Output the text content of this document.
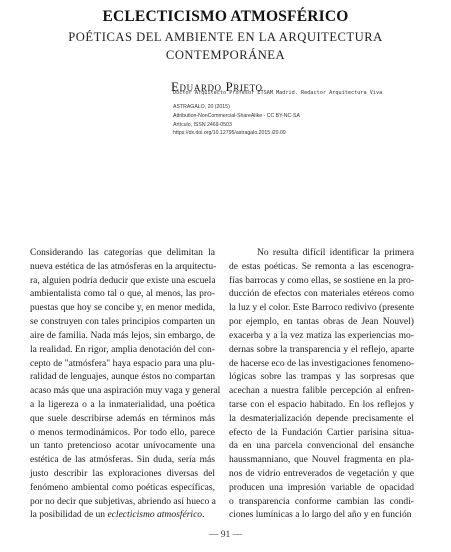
ECLECTICISMO ATMOSFÉRICO
POÉTICAS DEL AMBIENTE EN LA ARQUITECTURA
CONTEMPORÁNEA
Eduardo Prieto
Doctor Arquitecto Profesor ETSAM Madrid. Redactor Arquitectura Viva
ASTRAGALO, 20 (2015)
Attribution-NonCommercial-ShareAlike - CC BY-NC-SA
Artículo, ISSN 2469-0503
https://dx.doi.org/10.12795/astragalo.2015.i20.09
Considerando las categorías que delimitan la
nueva estética de las atmósferas en la arquitectu-
ra, alguien podría deducir que existe una escuela
ambientalista como tal o que, al menos, las pro-
puestas que hoy se concibe y, en menor medida,
se construyen con tales principios comparten un
aire de familia. Nada más lejos, sin embargo, de
la realidad. En rigor, amplia denotación del con-
cepto de "atmósfera" haya espacio para una plu-
ralidad de lenguajes, aunque éstos no compartan
acaso más que una aspiración muy vaga y general
a la ligereza o a la inmaterialidad, una poética
que suele describirse además en términos más
o menos termodinámicos. Por todo ello, parece
un tanto pretencioso acotar unívocamente una
estética de las atmósferas. Sin duda, sería más
justo describir las exploraciones diversas del
fenómeno ambiental como poéticas específicas,
por no decir que subjetivas, abriendo así hueco a
la posibilidad de un eclecticismo atmosférico.
No resulta difícil identificar la primera
de estas poéticas. Se remonta a las escenogra-
fías barrocas y como ellas, se sostiene en la pro-
ducción de efectos con materiales etéreos como
la luz y el color. Este Barroco redivivo (presente
por ejemplo, en tantas obras de Jean Nouvel)
exacerba y a la vez matiza las experiencias mo-
dernas sobre la transparencia y el reflejo, aparte
de hacerse eco de las investigaciones fenomeno-
lógicas sobre las trampas y las sorpresas que
acechan a nuestra falible percepción al enfren-
tarse con el espacio habitado. En los reflejos y
la desmaterialización depende precisamente el
efecto de la Fundación Cartier parisina situa-
da en una parcela convencional del ensanche
haussmanniano, que Nouvel fragmenta en pla-
nos de vidrio entreverados de vegetación y que
producen una impresión variable de opacidad
o transparencia conforme cambian las condi-
ciones lumínicas a lo largo del año y en función
— 91 —
